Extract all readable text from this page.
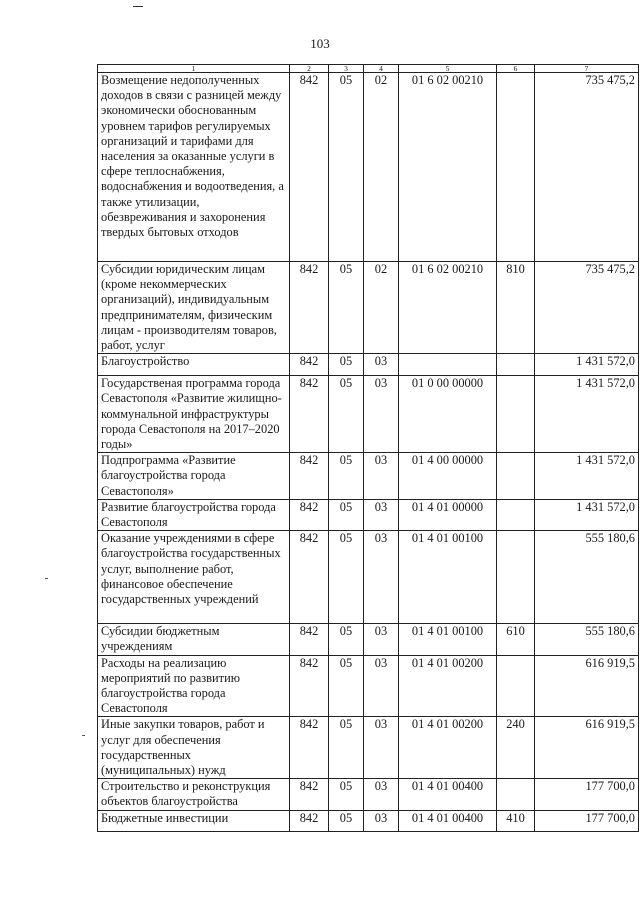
103
1	2	3	4	5	6	7
Возмещение недополученных доходов в связи с разницей между экономически обоснованным уровнем тарифов регулируемых организаций и тарифами для населения за оказанные услуги в сфере теплоснабжения, водоснабжения и водоотведения, а также утилизации, обезвреживания и захоронения твердых бытовых отходов	842	05	02	01 6 02 00210		735 475,2
Субсидии юридическим лицам (кроме некоммерческих организаций), индивидуальным предпринимателям, физическим лицам - производителям товаров, работ, услуг	842	05	02	01 6 02 00210	810	735 475,2
Благоустройство	842	05	03			1 431 572,0
Государственая программа города Севастополя «Развитие жилищно-коммунальной инфраструктуры города Севастополя на 2017–2020 годы»	842	05	03	01 0 00 00000		1 431 572,0
Подпрограмма «Развитие благоустройства города Севастополя»	842	05	03	01 4 00 00000		1 431 572,0
Развитие благоустройства города Севастополя	842	05	03	01 4 01 00000		1 431 572,0
Оказание учреждениями в сфере благоустройства государственных услуг, выполнение работ, финансовое обеспечение государственных учреждений	842	05	03	01 4 01 00100		555 180,6
Субсидии бюджетным учреждениям	842	05	03	01 4 01 00100	610	555 180,6
Расходы на реализацию мероприятий по развитию благоустройства города Севастополя	842	05	03	01 4 01 00200		616 919,5
Иные закупки товаров, работ и услуг для обеспечения государственных (муниципальных) нужд	842	05	03	01 4 01 00200	240	616 919,5
Строительство и реконструкция объектов благоустройства	842	05	03	01 4 01 00400		177 700,0
Бюджетные инвестиции	842	05	03	01 4 01 00400	410	177 700,0
